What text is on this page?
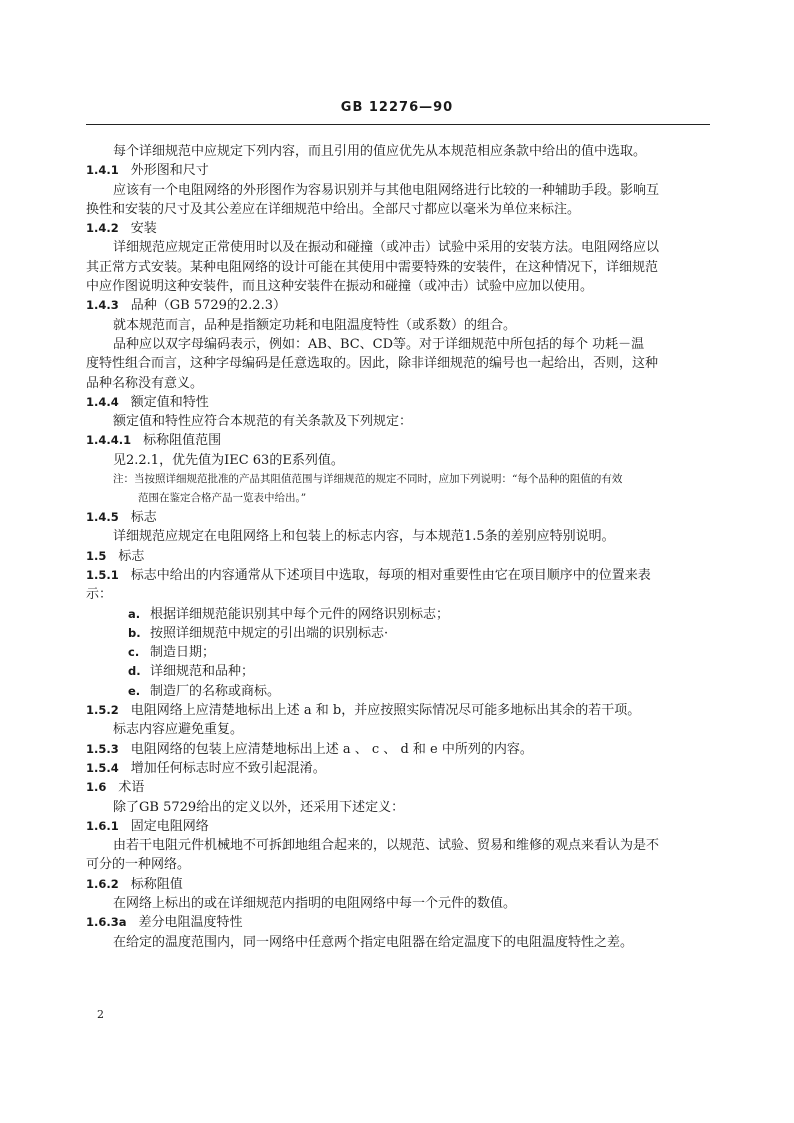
GB 12276—90
每个详细规范中应规定下列内容，而且引用的值应优先从本规范相应条款中给出的值中选取。
1.4.1 外形图和尺寸
应该有一个电阻网络的外形图作为容易识别并与其他电阻网络进行比较的一种辅助手段。影响互
换性和安装的尺寸及其公差应在详细规范中给出。全部尺寸都应以毫米为单位来标注。
1.4.2 安装
详细规范应规定正常使用时以及在振动和碰撞（或冲击）试验中采用的安装方法。电阻网络应以
其正常方式安装。某种电阻网络的设计可能在其使用中需要特殊的安装件，在这种情况下，详细规范
中应作图说明这种安装件，而且这种安装件在振动和碰撞（或冲击）试验中应加以使用。
1.4.3 品种（GB 5729的2.2.3）
就本规范而言，品种是指额定功耗和电阻温度特性（或系数）的组合。
品种应以双字母编码表示，例如：AB、BC、CD等。对于详细规范中所包括的每个 功耗－温
度特性组合而言，这种字母编码是任意选取的。因此，除非详细规范的编号也一起给出，否则，这种
品种名称没有意义。
1.4.4 额定值和特性
额定值和特性应符合本规范的有关条款及下列规定：
1.4.4.1 标称阻值范围
见2.2.1，优先值为IEC 63的E系列值。
注：当按照详细规范批准的产品其阻值范围与详细规范的规定不同时，应加下列说明：“每个品种的阻值的有效
范围在鉴定合格产品一览表中给出。”
1.4.5 标志
详细规范应规定在电阻网络上和包装上的标志内容，与本规范1.5条的差别应特别说明。
1.5 标志
1.5.1 标志中给出的内容通常从下述项目中选取，每项的相对重要性由它在项目顺序中的位置来表
示：
a. 根据详细规范能识别其中每个元件的网络识别标志；
b. 按照详细规范中规定的引出端的识别标志·
c. 制造日期；
d. 详细规范和品种；
e. 制造厂的名称或商标。
1.5.2 电阻网络上应清楚地标出上述 a 和 b，并应按照实际情况尽可能多地标出其余的若干项。
标志内容应避免重复。
1.5.3 电阻网络的包装上应清楚地标出上述 a 、 c 、 d 和 e 中所列的内容。
1.5.4 增加任何标志时应不致引起混淆。
1.6 术语
除了GB 5729给出的定义以外，还采用下述定义：
1.6.1 固定电阻网络
由若干电阻元件机械地不可拆卸地组合起来的，以规范、试验、贸易和维修的观点来看认为是不
可分的一种网络。
1.6.2 标称阻值
在网络上标出的或在详细规范内指明的电阻网络中每一个元件的数值。
1.6.3a 差分电阻温度特性
在给定的温度范围内，同一网络中任意两个指定电阻器在给定温度下的电阻温度特性之差。
2
